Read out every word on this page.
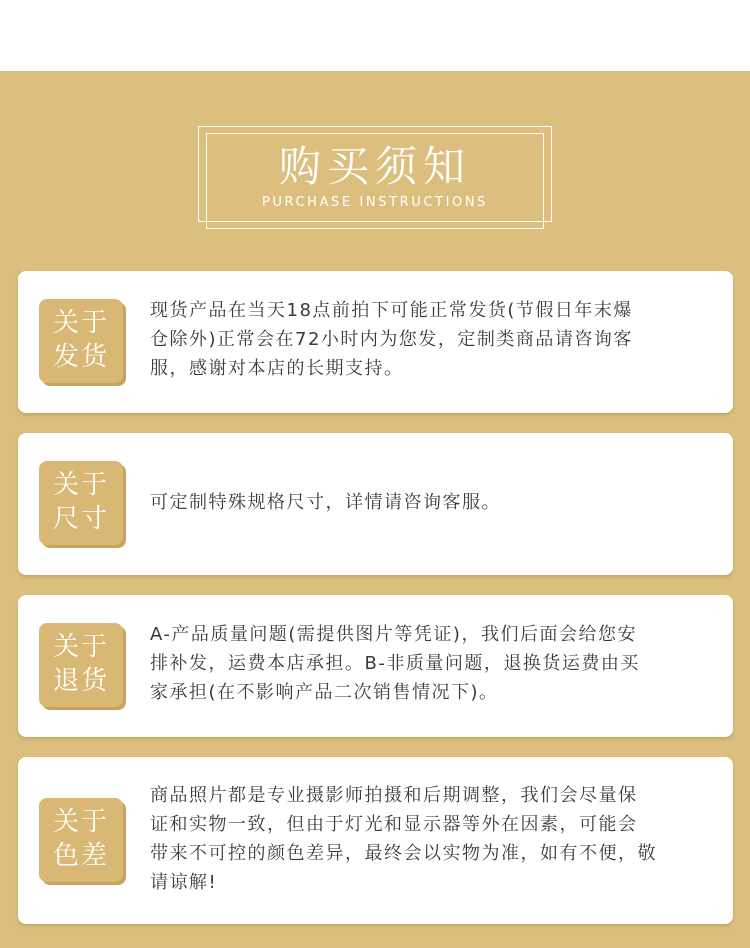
购买须知
PURCHASE INSTRUCTIONS
关于
发货
现货产品在当天18点前拍下可能正常发货(节假日年末爆
仓除外)正常会在72小时内为您发，定制类商品请咨询客
服，感谢对本店的长期支持。
关于
尺寸
可定制特殊规格尺寸，详情请咨询客服。
关于
退货
A-产品质量问题(需提供图片等凭证)，我们后面会给您安
排补发，运费本店承担。B-非质量问题，退换货运费由买
家承担(在不影响产品二次销售情况下)。
关于
色差
商品照片都是专业摄影师拍摄和后期调整，我们会尽量保
证和实物一致，但由于灯光和显示器等外在因素，可能会
带来不可控的颜色差异，最终会以实物为准，如有不便，敬
请谅解!
